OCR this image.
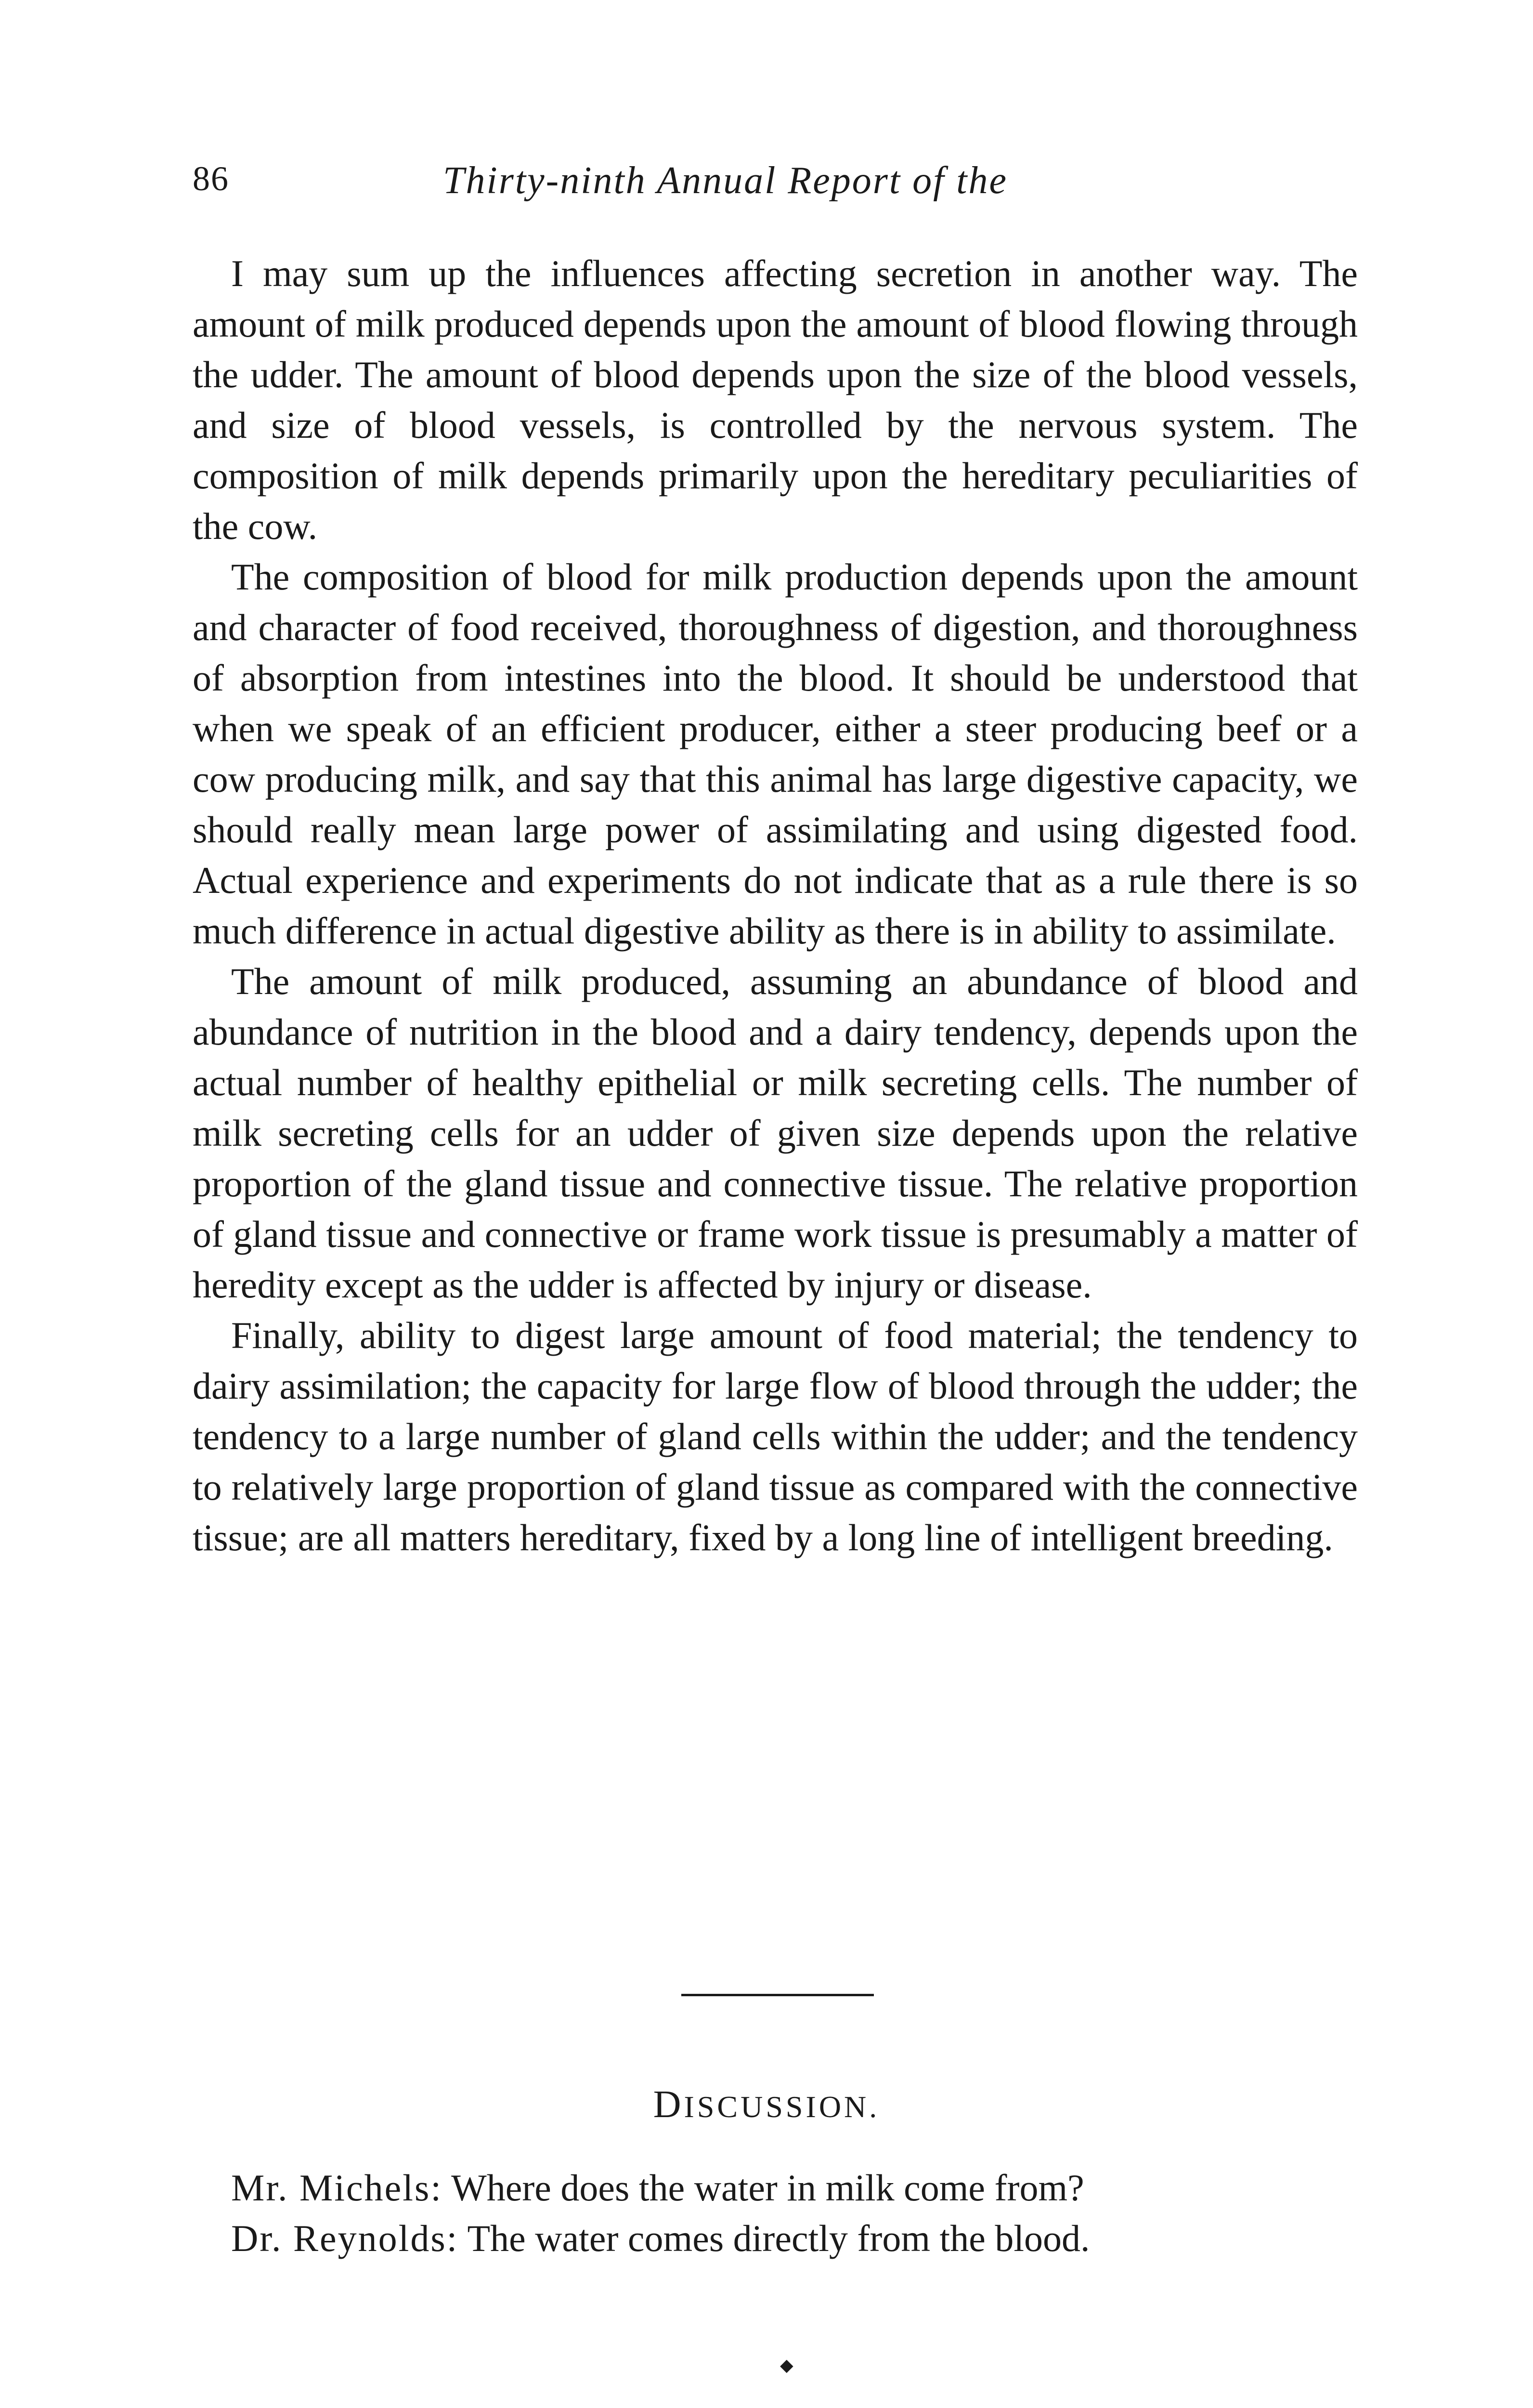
86	Thirty-ninth Annual Report of the

I may sum up the influences affecting secretion in another way. The amount of milk produced depends upon the amount of blood flowing through the udder. The amount of blood depends upon the size of the blood vessels, and size of blood vessels, is controlled by the nervous system. The composition of milk depends primarily upon the hereditary peculiarities of the cow.

The composition of blood for milk production depends upon the amount and character of food received, thoroughness of digestion, and thoroughness of absorption from intestines into the blood. It should be understood that when we speak of an efficient producer, either a steer producing beef or a cow producing milk, and say that this animal has large digestive capacity, we should really mean large power of assimilating and using digested food. Actual experience and experiments do not indicate that as a rule there is so much difference in actual digestive ability as there is in ability to assimilate.

The amount of milk produced, assuming an abundance of blood and abundance of nutrition in the blood and a dairy tendency, depends upon the actual number of healthy epithelial or milk secreting cells. The number of milk secreting cells for an udder of given size depends upon the relative proportion of the gland tissue and connective tissue. The relative proportion of gland tissue and connective or frame work tissue is presumably a matter of heredity except as the udder is affected by injury or disease.

Finally, ability to digest large amount of food material; the tendency to dairy assimilation; the capacity for large flow of blood through the udder; the tendency to a large number of gland cells within the udder; and the tendency to relatively large proportion of gland tissue as compared with the connective tissue; are all matters hereditary, fixed by a long line of intelligent breeding.

DISCUSSION.
Mr. Michels: Where does the water in milk come from?
Dr. Reynolds: The water comes directly from the blood.
◆
